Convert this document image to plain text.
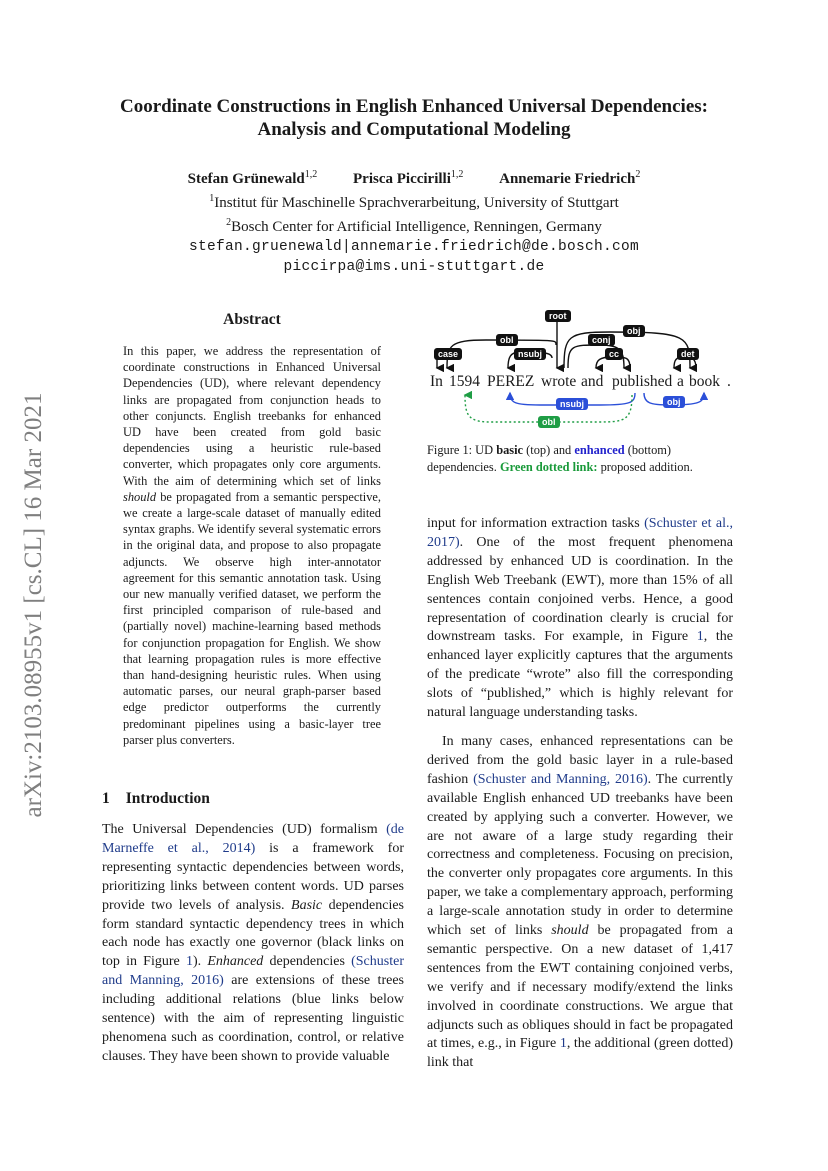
Coordinate Constructions in English Enhanced Universal Dependencies:
Analysis and Computational Modeling
Stefan Grünewald$^{1,2}$ Prisca Piccirilli$^{1,2}$ Annemarie Friedrich$^2$
$^1$Institut für Maschinelle Sprachverarbeitung, University of Stuttgart
$^2$Bosch Center for Artificial Intelligence, Renningen, Germany
stefan.gruenewald|annemarie.friedrich@de.bosch.com
piccirpa@ims.uni-stuttgart.de
arXiv:2103.08955v1 [cs.CL] 16 Mar 2021
Abstract
In this paper, we address the representation of coordinate constructions in Enhanced Universal Dependencies (UD), where relevant dependency links are propagated from conjunction heads to other conjuncts. English treebanks for enhanced UD have been created from gold basic dependencies using a heuristic rule-based converter, which propagates only core arguments. With the aim of determining which set of links should be propagated from a semantic perspective, we create a large-scale dataset of manually edited syntax graphs. We identify several systematic errors in the original data, and propose to also propagate adjuncts. We observe high inter-annotator agreement for this semantic annotation task. Using our new manually verified dataset, we perform the first principled comparison of rule-based and (partially novel) machine-learning based methods for conjunction propagation for English. We show that learning propagation rules is more effective than hand-designing heuristic rules. When using automatic parses, our neural graph-parser based edge predictor outperforms the currently predominant pipelines using a basic-layer tree parser plus converters.
1 Introduction
The Universal Dependencies (UD) formalism (de Marneffe et al., 2014) is a framework for representing syntactic dependencies between words, prioritizing links between content words. UD parses provide two levels of analysis. Basic dependencies form standard syntactic dependency trees in which each node has exactly one governor (black links on top in Figure 1). Enhanced dependencies (Schuster and Manning, 2016) are extensions of these trees including additional relations (blue links below sentence) with the aim of representing linguistic phenomena such as coordination, control, or relative clauses. They have been shown to provide valuable
root
obl
obj
conj
case	nsubj	cc	det
nsubj	obj
obl
In 1594 PEREZ wrote and published a book .
Figure 1: UD basic (top) and enhanced (bottom) dependencies. Green dotted link: proposed addition.

input for information extraction tasks (Schuster et al., 2017). One of the most frequent phenomena addressed by enhanced UD is coordination. In the English Web Treebank (EWT), more than 15% of all sentences contain conjoined verbs. Hence, a good representation of coordination clearly is crucial for downstream tasks. For example, in Figure 1, the enhanced layer explicitly captures that the arguments of the predicate “wrote” also fill the corresponding slots of “published,” which is highly relevant for natural language understanding tasks.

In many cases, enhanced representations can be derived from the gold basic layer in a rule-based fashion (Schuster and Manning, 2016). The currently available English enhanced UD treebanks have been created by applying such a converter. However, we are not aware of a large study regarding their correctness and completeness. Focusing on precision, the converter only propagates core arguments. In this paper, we take a complementary approach, performing a large-scale annotation study in order to determine which set of links should be propagated from a semantic perspective. On a new dataset of 1,417 sentences from the EWT containing conjoined verbs, we verify and if necessary modify/extend the links involved in coordinate constructions. We argue that adjuncts such as obliques should in fact be propagated at times, e.g., in Figure 1, the additional (green dotted) link that
